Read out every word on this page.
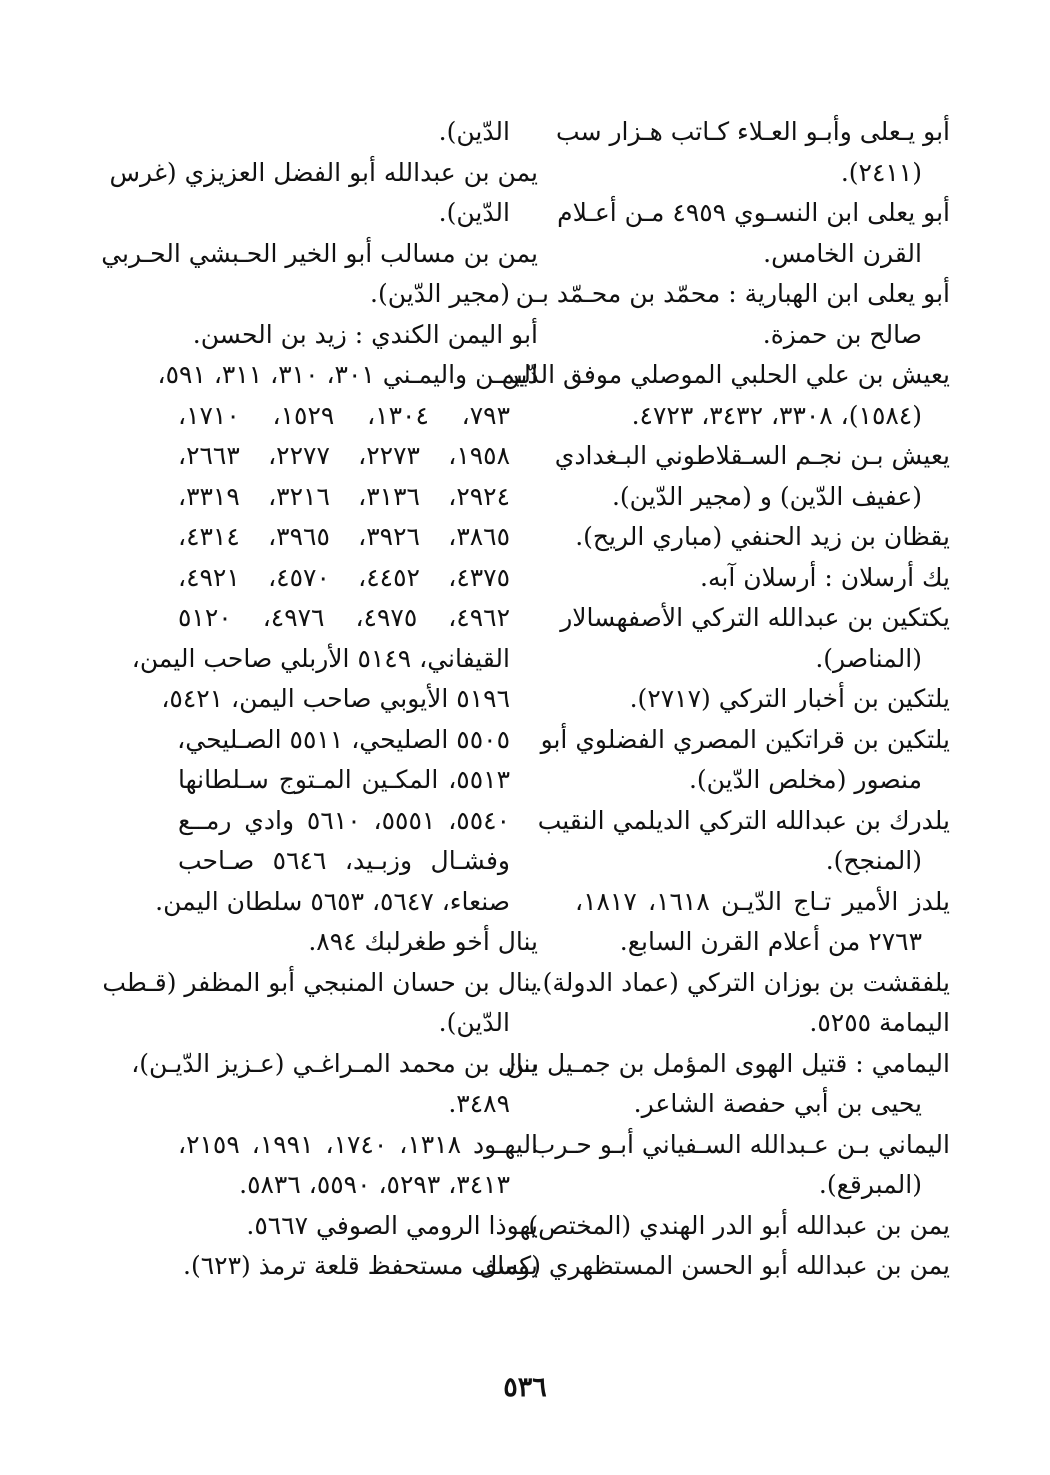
أبو يـعلى وأبـو العـلاء كـاتب هـزار سب
(٢٤١١).
أبو يعلى ابن النسـوي ٤٩٥٩ مـن أعـلام
القرن الخامس.
أبو يعلى ابن الهبارية : محمّد بن محـمّد بـن
صالح بن حمزة.
يعيش بن علي الحلبي الموصلي موفق الدّين
(١٥٨٤)، ٣٣٠٨، ٣٤٣٢، ٤٧٢٣.
يعيش بـن نجـم السـقلاطوني البـغدادي
(عفيف الدّين) و (مجير الدّين).
يقظان بن زيد الحنفي (مباري الريح).
يك أرسلان : أرسلان آبه.
يكتكين بن عبدالله التركي الأصفهسالار
(المناصر).
يلتكين بن أخبار التركي (٢٧١٧).
يلتكين بن قراتكين المصري الفضلوي أبو
منصور (مخلص الدّين).
يلدرك بن عبدالله التركي الديلمي النقيب
(المنجح).
يلدز الأمير تـاج الدّيـن ١٦١٨، ١٨١٧،
٢٧٦٣ من أعلام القرن السابع.
يلفقشت بن بوزان التركي (عماد الدولة).
اليمامة ٥٢٥٥.
اليمامي : قتيل الهوى المؤمل بن جمـيل بـن
يحيى بن أبي حفصة الشاعر.
اليماني بـن عـبدالله السـفياني أبـو حـرب
(المبرقع).
يمن بن عبدالله أبو الدر الهندي (المختص).
يمن بن عبدالله أبو الحسن المستظهري (كمال
الدّين).
يمن بن عبدالله أبو الفضل العزيزي (غرس
الدّين).
يمن بن مسالب أبو الخير الحـبشي الحـربي
(مجير الدّين).
أبو اليمن الكندي : زيد بن الحسن.
اليمـن واليمـني ٣٠١، ٣١٠، ٣١١، ٥٩١،
٧٩٣، ١٣٠٤، ١٥٢٩، ١٧١٠،
١٩٥٨، ٢٢٧٣، ٢٢٧٧، ٢٦٦٣،
٢٩٢٤، ٣١٣٦، ٣٢١٦، ٣٣١٩،
٣٨٦٥، ٣٩٢٦، ٣٩٦٥، ٤٣١٤،
٤٣٧٥، ٤٤٥٢، ٤٥٧٠، ٤٩٢١،
٤٩٦٢، ٤٩٧٥، ٤٩٧٦، ٥١٢٠
القيفاني، ٥١٤٩ الأربلي صاحب اليمن،
٥١٩٦ الأيوبي صاحب اليمن، ٥٤٢١،
٥٥٠٥ الصليحي، ٥٥١١ الصـليحي،
٥٥١٣، المكـين المـتوج سـلطانها
٥٥٤٠، ٥٥٥١، ٥٦١٠ وادي رمــع
وفشـال وزبـيد، ٥٦٤٦ صـاحب
صنعاء، ٥٦٤٧، ٥٦٥٣ سلطان اليمن.
ينال أخو طغرلبك ٨٩٤.
ينال بن حسان المنبجي أبو المظفر (قـطب
الدّين).
ينال بن محمد المـراغـي (عـزيز الدّيـن)،
٣٤٨٩.
اليهـود ١٣١٨، ١٧٤٠، ١٩٩١، ٢١٥٩،
٣٤١٣، ٥٢٩٣، ٥٥٩٠، ٥٨٣٦.
يهوذا الرومي الصوفي ٥٦٦٧.
يوسف مستحفظ قلعة ترمذ (٦٢٣).
٥٣٦
